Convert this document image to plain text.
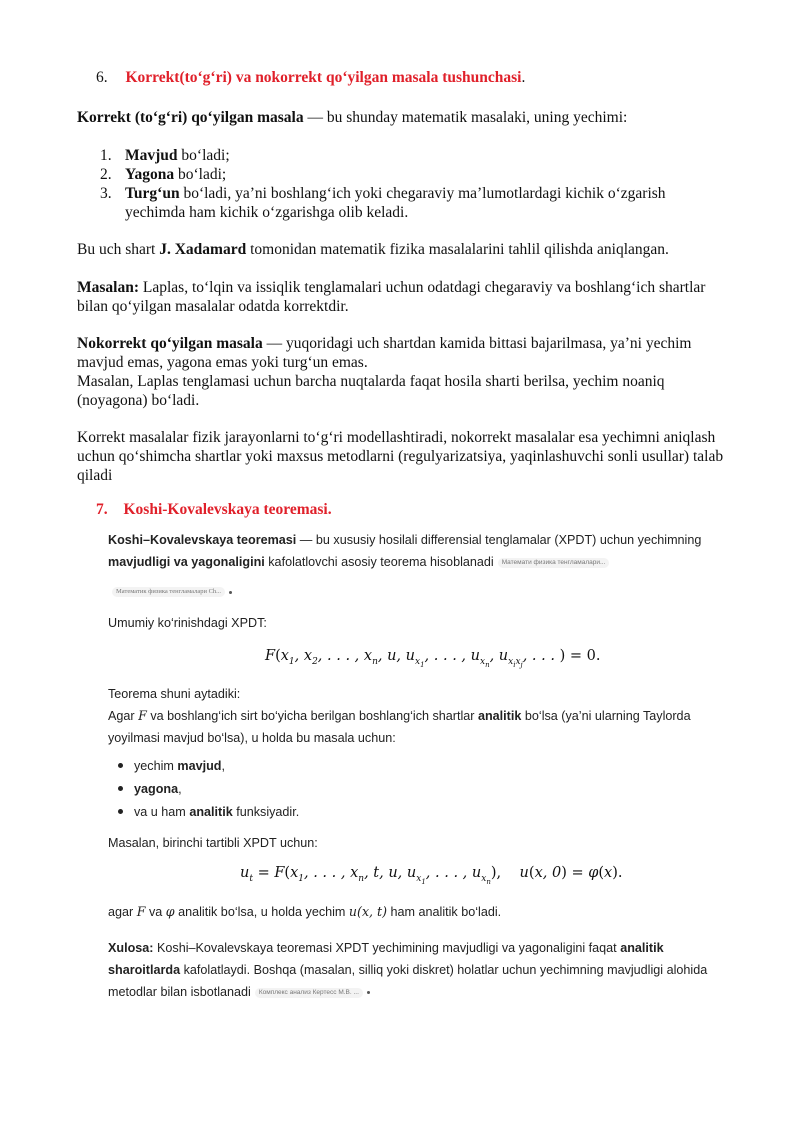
6. Korrekt(to‘g‘ri) va nokorrekt qo‘yilgan masala tushunchasi.

Korrekt (to‘g‘ri) qo‘yilgan masala — bu shunday matematik masalaki, uning yechimi:

1. Mavjud bo‘ladi;
2. Yagona bo‘ladi;
3. Turg‘un bo‘ladi, ya’ni boshlang‘ich yoki chegaraviy ma’lumotlardagi kichik o‘zgarish yechimda ham kichik o‘zgarishga olib keladi.

Bu uch shart J. Xadamard tomonidan matematik fizika masalalarini tahlil qilishda aniqlangan.

Masalan: Laplas, to‘lqin va issiqlik tenglamalari uchun odatdagi chegaraviy va boshlang‘ich shartlar bilan qo‘yilgan masalalar odatda korrektdir.

Nokorrekt qo‘yilgan masala — yuqoridagi uch shartdan kamida bittasi bajarilmasa, ya’ni yechim mavjud emas, yagona emas yoki turg‘un emas.
Masalan, Laplas tenglamasi uchun barcha nuqtalarda faqat hosila sharti berilsa, yechim noaniq (noyagona) bo‘ladi.

Korrekt masalalar fizik jarayonlarni to‘g‘ri modellashtiradi, nokorrekt masalalar esa yechimni aniqlash uchun qo‘shimcha shartlar yoki maxsus metodlarni (regulyarizatsiya, yaqinlashuvchi sonli usullar) talab qiladi

7. Koshi-Kovalevskaya teoremasi.

Koshi–Kovalevskaya teoremasi — bu xususiy hosilali differensial tenglamalar (XPDT) uchun yechimning mavjudligi va yagonaligini kafolatlovchi asosiy teorema hisoblanadi Математи физика тенгламалари...

Математик физика тенгламалари Ch...

Umumiy ko‘rinishdagi XPDT:

$F(x_1$, $x_2$, . . . , $x_n$, u, $u_{x_1}$, . . . , $u_{x_n}$, $u_{x_ix_j}$, . . . ) = 0.

Teorema shuni aytadiki:

Agar F va boshlang‘ich sirt bo‘yicha berilgan boshlang‘ich shartlar analitik bo‘lsa (ya’ni ularning Taylorda yoyilmasi mavjud bo‘lsa), u holda bu masala uchun:

yechim mavjud,
yagona,
va u ham analitik funksiyadir.

Masalan, birinchi tartibli XPDT uchun:

$u_t = F(x_1$, . . . , $x_n$, t, u, $u_{x_1}$, . . . , $u_{x_n}$),    u(x, 0) = φ(x).

agar F va φ analitik bo‘lsa, u holda yechim u(x, t) ham analitik bo‘ladi.

Xulosa: Koshi–Kovalevskaya teoremasi XPDT yechimining mavjudligi va yagonaligini faqat analitik sharoitlarda kafolatlaydi. Boshqa (masalan, silliq yoki diskret) holatlar uchun yechimning mavjudligi alohida metodlar bilan isbotlanadi Комплекс анализ Кертесс М.В. ...
